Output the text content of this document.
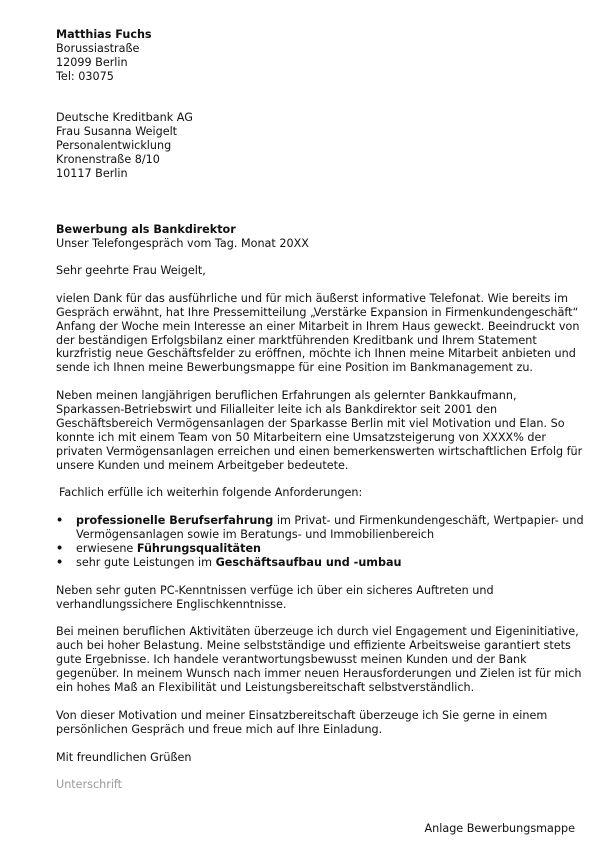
Matthias Fuchs
Borussiastraße
12099 Berlin
Tel: 03075
Deutsche Kreditbank AG
Frau Susanna Weigelt
Personalentwicklung
Kronenstraße 8/10
10117 Berlin
Bewerbung als Bankdirektor
Unser Telefongespräch vom Tag. Monat 20XX

Sehr geehrte Frau Weigelt,

vielen Dank für das ausführliche und für mich äußerst informative Telefonat. Wie bereits im Gespräch erwähnt, hat Ihre Pressemitteilung „Verstärke Expansion in Firmenkundengeschäft“ Anfang der Woche mein Interesse an einer Mitarbeit in Ihrem Haus geweckt. Beeindruckt von der beständigen Erfolgsbilanz einer marktführenden Kreditbank und Ihrem Statement kurzfristig neue Geschäftsfelder zu eröffnen, möchte ich Ihnen meine Mitarbeit anbieten und sende ich Ihnen meine Bewerbungsmappe für eine Position im Bankmanagement zu.

Neben meinen langjährigen beruflichen Erfahrungen als gelernter Bankkaufmann, Sparkassen-Betriebswirt und Filialleiter leite ich als Bankdirektor seit 2001 den Geschäftsbereich Vermögensanlagen der Sparkasse Berlin mit viel Motivation und Elan. So konnte ich mit einem Team von 50 Mitarbeitern eine Umsatzsteigerung von XXXX% der privaten Vermögensanlagen erreichen und einen bemerkenswerten wirtschaftlichen Erfolg für unsere Kunden und meinem Arbeitgeber bedeutete.

Fachlich erfülle ich weiterhin folgende Anforderungen:

• professionelle Berufserfahrung im Privat- und Firmenkundengeschäft, Wertpapier- und Vermögensanlagen sowie im Beratungs- und Immobilienbereich
• erwiesene Führungsqualitäten
• sehr gute Leistungen im Geschäftsaufbau und -umbau

Neben sehr guten PC-Kenntnissen verfüge ich über ein sicheres Auftreten und verhandlungssichere Englischkenntnisse.

Bei meinen beruflichen Aktivitäten überzeuge ich durch viel Engagement und Eigeninitiative, auch bei hoher Belastung. Meine selbstständige und effiziente Arbeitsweise garantiert stets gute Ergebnisse. Ich handele verantwortungsbewusst meinen Kunden und der Bank gegenüber. In meinem Wunsch nach immer neuen Herausforderungen und Zielen ist für mich ein hohes Maß an Flexibilität und Leistungsbereitschaft selbstverständlich.

Von dieser Motivation und meiner Einsatzbereitschaft überzeuge ich Sie gerne in einem persönlichen Gespräch und freue mich auf Ihre Einladung.

Mit freundlichen Grüßen

Unterschrift
Anlage Bewerbungsmappe
